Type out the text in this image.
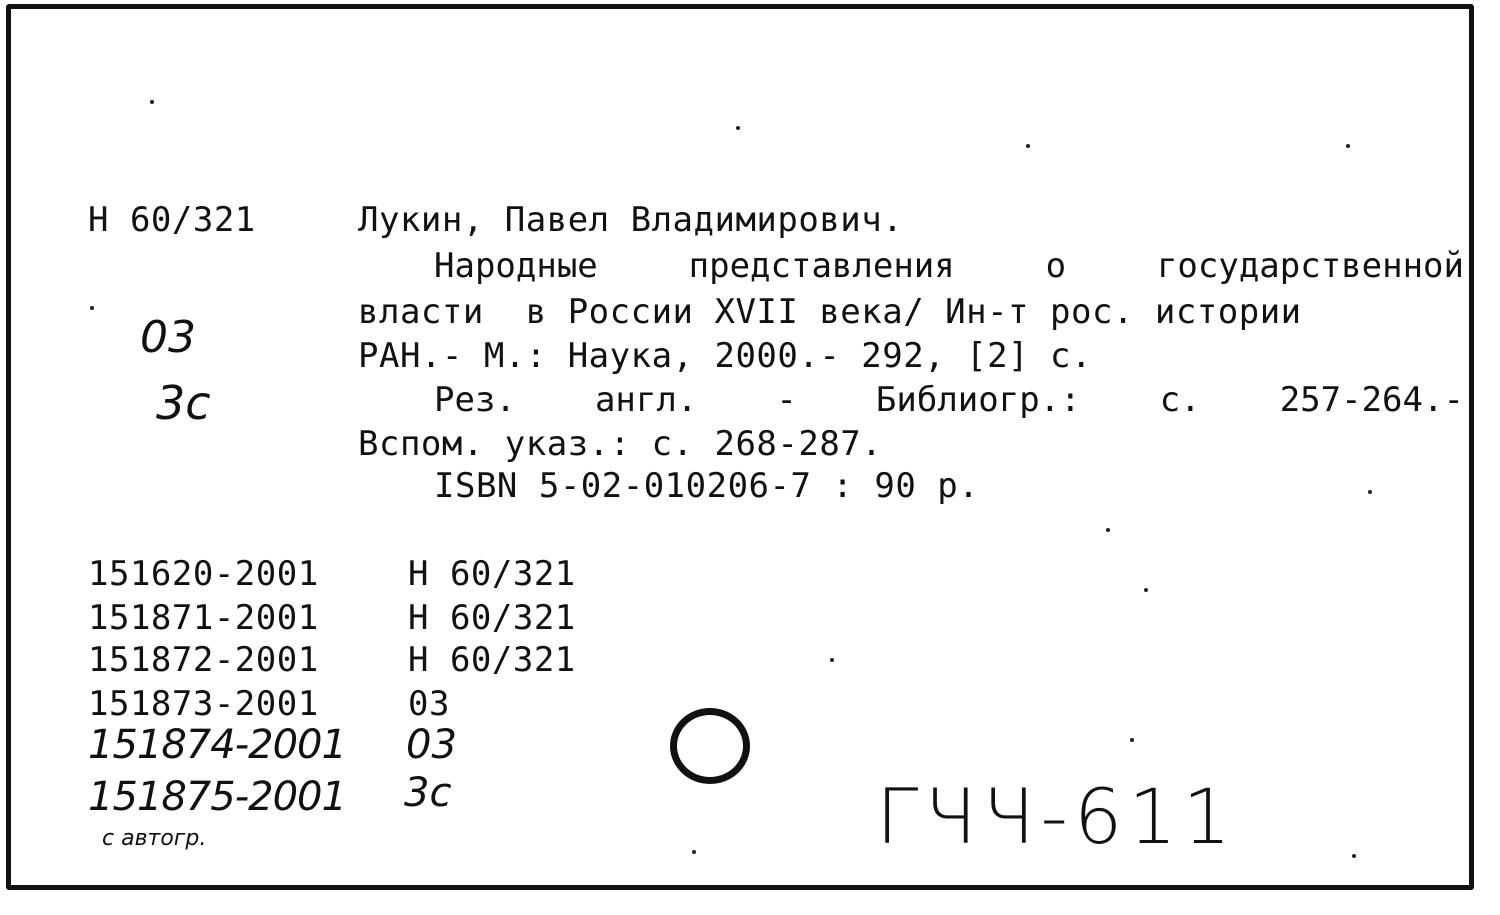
Н 60/321	Лукин, Павел Владимирович.
Народные	представления	о	государственной
власти  в России XVII века/ Ин-т рос. истории
РАН.- М.: Наука, 2000.- 292, [2] с.
Рез. англ. - Библиогр.: с. 257-264.-
Вспом. указ.: с. 268-287.
ISBN 5-02-010206-7 : 90 р.
03
3с
151620-2001	Н 60/321
151871-2001	Н 60/321
151872-2001	Н 60/321
151873-2001	03
151874-2001 03
151875-2001 3с
с автогр.	ГЧЧ-611
